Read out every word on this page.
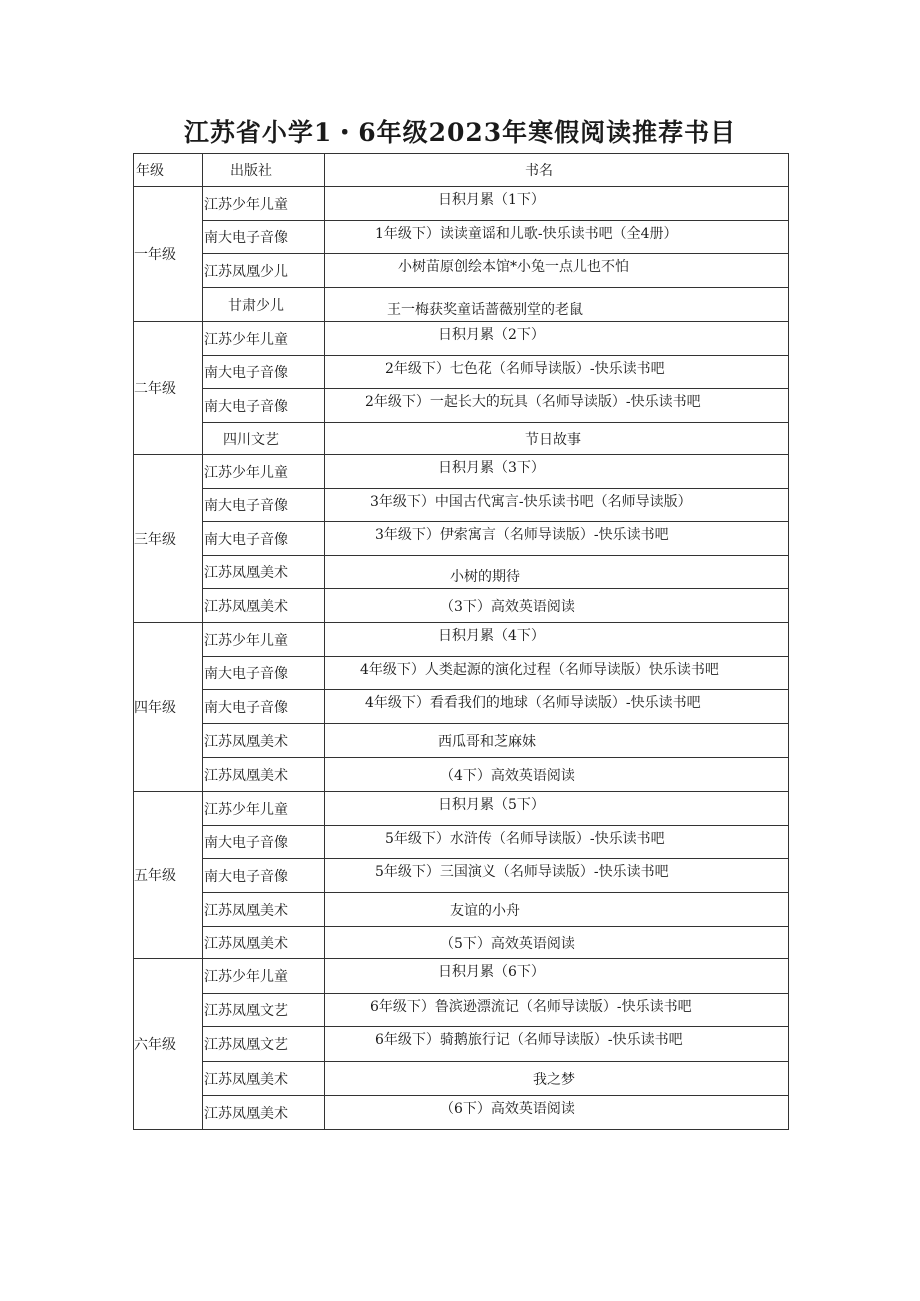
江苏省小学1・6年级2023年寒假阅读推荐书目
年级	出版社	书名
一年级	江苏少年儿童	日积月累（1下）

	南大电子音像	1年级下）读读童谣和儿歌-快乐读书吧（全4册）

	江苏凤凰少儿	小树苗原创绘本馆*小兔一点儿也不怕

	甘肃少儿	王一梅获奖童话蔷薇别堂的老鼠

二年级	江苏少年儿童	日积月累（2下）

	南大电子音像	2年级下）七色花（名师导读版）-快乐读书吧

	南大电子音像	2年级下）一起长大的玩具（名师导读版）-快乐读书吧

	四川文艺	节日故事

三年级	江苏少年儿童	日积月累（3下）

	南大电子音像	3年级下）中国古代寓言-快乐读书吧（名师导读版）

	南大电子音像	3年级下）伊索寓言（名师导读版）-快乐读书吧

	江苏凤凰美术	小树的期待

	江苏凤凰美术	（3下）高效英语阅读

四年级	江苏少年儿童	日积月累（4下）

	南大电子音像	4年级下）人类起源的演化过程（名师导读版）快乐读书吧

	南大电子音像	4年级下）看看我们的地球（名师导读版）-快乐读书吧

	江苏凤凰美术	西瓜哥和芝麻妹

	江苏凤凰美术	（4下）高效英语阅读

五年级	江苏少年儿童	日积月累（5下）

	南大电子音像	5年级下）水浒传（名师导读版）-快乐读书吧

	南大电子音像	5年级下）三国演义（名师导读版）-快乐读书吧

	江苏凤凰美术	友谊的小舟

	江苏凤凰美术	（5下）高效英语阅读

六年级	江苏少年儿童	日积月累（6下）

	江苏凤凰文艺	6年级下）鲁滨逊漂流记（名师导读版）-快乐读书吧

	江苏凤凰文艺	6年级下）骑鹅旅行记（名师导读版）-快乐读书吧

	江苏凤凰美术	我之梦

	江苏凤凰美术	（6下）高效英语阅读
